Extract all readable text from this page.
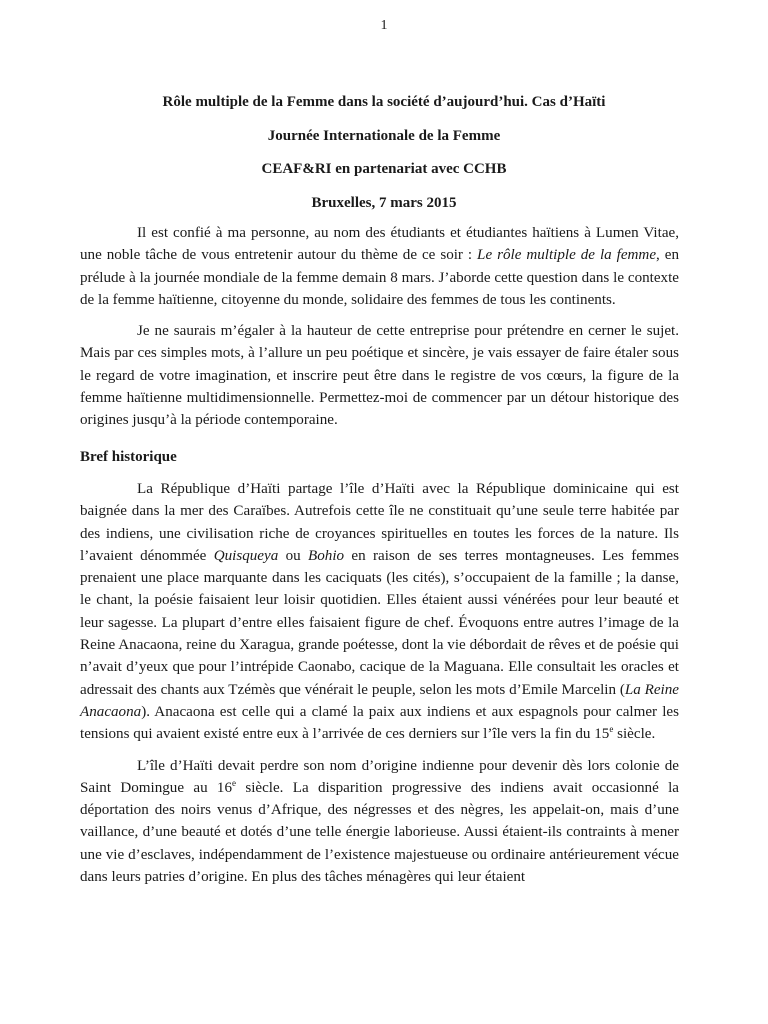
1
Rôle multiple de la Femme dans la société d’aujourd’hui. Cas d’Haïti
Journée Internationale de la Femme
CEAF&RI en partenariat avec CCHB
Bruxelles, 7 mars 2015

Il est confié à ma personne, au nom des étudiants et étudiantes haïtiens à Lumen Vitae, une noble tâche de vous entretenir autour du thème de ce soir : Le rôle multiple de la femme, en prélude à la journée mondiale de la femme demain 8 mars. J’aborde cette question dans le contexte de la femme haïtienne, citoyenne du monde, solidaire des femmes de tous les continents.

Je ne saurais m’égaler à la hauteur de cette entreprise pour prétendre en cerner le sujet. Mais par ces simples mots, à l’allure un peu poétique et sincère, je vais essayer de faire étaler sous le regard de votre imagination, et inscrire peut être dans le registre de vos cœurs, la figure de la femme haïtienne multidimensionnelle. Permettez-moi de commencer par un détour historique des origines jusqu’à la période contemporaine.

Bref historique

La République d’Haïti partage l’île d’Haïti avec la République dominicaine qui est baignée dans la mer des Caraïbes. Autrefois cette île ne constituait qu’une seule terre habitée par des indiens, une civilisation riche de croyances spirituelles en toutes les forces de la nature. Ils l’avaient dénommée Quisqueya ou Bohio en raison de ses terres montagneuses. Les femmes prenaient une place marquante dans les caciquats (les cités), s’occupaient de la famille ; la danse, le chant, la poésie faisaient leur loisir quotidien. Elles étaient aussi vénérées pour leur beauté et leur sagesse. La plupart d’entre elles faisaient figure de chef. Évoquons entre autres l’image de la Reine Anacaona, reine du Xaragua, grande poétesse, dont la vie débordait de rêves et de poésie qui n’avait d’yeux que pour l’intrépide Caonabo, cacique de la Maguana. Elle consultait les oracles et adressait des chants aux Tzémès que vénérait le peuple, selon les mots d’Emile Marcelin (La Reine Anacaona). Anacaona est celle qui a clamé la paix aux indiens et aux espagnols pour calmer les tensions qui avaient existé entre eux à l’arrivée de ces derniers sur l’île vers la fin du 15e siècle.

L’île d’Haïti devait perdre son nom d’origine indienne pour devenir dès lors colonie de Saint Domingue au 16e siècle. La disparition progressive des indiens avait occasionné la déportation des noirs venus d’Afrique, des négresses et des nègres, les appelait-on, mais d’une vaillance, d’une beauté et dotés d’une telle énergie laborieuse. Aussi étaient-ils contraints à mener une vie d’esclaves, indépendamment de l’existence majestueuse ou ordinaire antérieurement vécue dans leurs patries d’origine. En plus des tâches ménagères qui leur étaient
